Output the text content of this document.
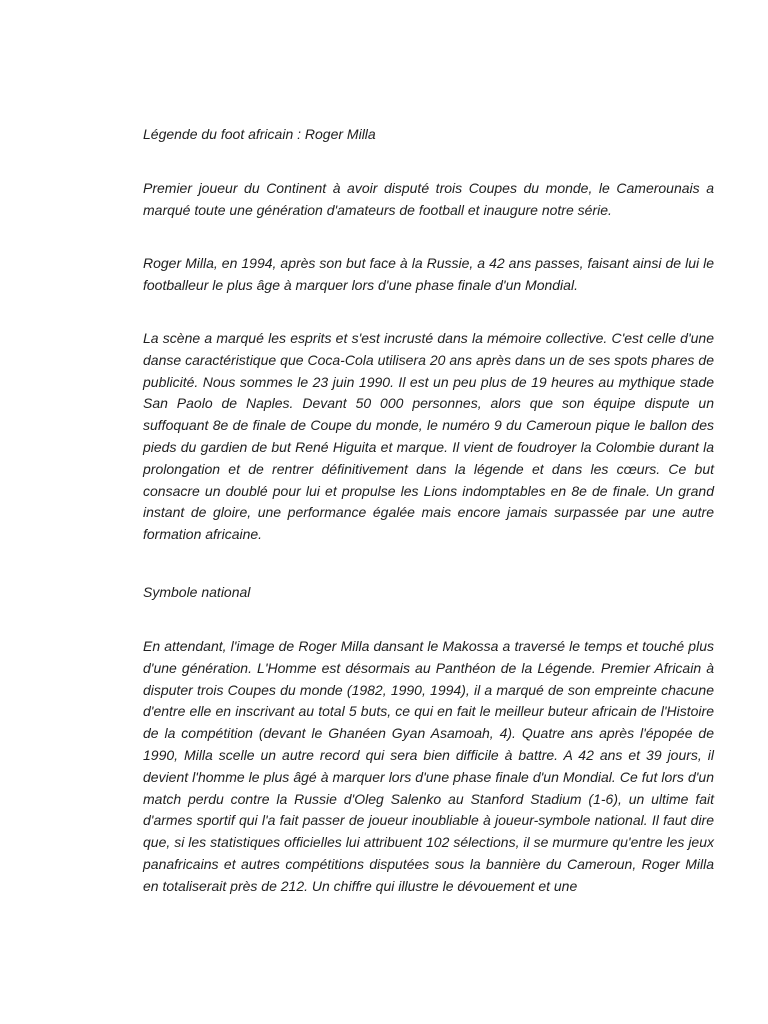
Légende du foot africain : Roger Milla

Premier joueur du Continent à avoir disputé trois Coupes du monde, le Camerounais a marqué toute une génération d'amateurs de football et inaugure notre série.

Roger Milla, en 1994, après son but face à la Russie, a 42 ans passes, faisant ainsi de lui le footballeur le plus âge à marquer lors d'une phase finale d'un Mondial.

La scène a marqué les esprits et s'est incrusté dans la mémoire collective. C'est celle d'une danse caractéristique que Coca-Cola utilisera 20 ans après dans un de ses spots phares de publicité. Nous sommes le 23 juin 1990. Il est un peu plus de 19 heures au mythique stade San Paolo de Naples. Devant 50 000 personnes, alors que son équipe dispute un suffoquant 8e de finale de Coupe du monde, le numéro 9 du Cameroun pique le ballon des pieds du gardien de but René Higuita et marque. Il vient de foudroyer la Colombie durant la prolongation et de rentrer définitivement dans la légende et dans les cœurs. Ce but consacre un doublé pour lui et propulse les Lions indomptables en 8e de finale. Un grand instant de gloire, une performance égalée mais encore jamais surpassée par une autre formation africaine.

Symbole national

En attendant, l'image de Roger Milla dansant le Makossa a traversé le temps et touché plus d'une génération. L'Homme est désormais au Panthéon de la Légende. Premier Africain à disputer trois Coupes du monde (1982, 1990, 1994), il a marqué de son empreinte chacune d'entre elle en inscrivant au total 5 buts, ce qui en fait le meilleur buteur africain de l'Histoire de la compétition (devant le Ghanéen Gyan Asamoah, 4). Quatre ans après l'épopée de 1990, Milla scelle un autre record qui sera bien difficile à battre. A 42 ans et 39 jours, il devient l'homme le plus âgé à marquer lors d'une phase finale d'un Mondial. Ce fut lors d'un match perdu contre la Russie d'Oleg Salenko au Stanford Stadium (1-6), un ultime fait d'armes sportif qui l'a fait passer de joueur inoubliable à joueur-symbole national. Il faut dire que, si les statistiques officielles lui attribuent 102 sélections, il se murmure qu'entre les jeux panafricains et autres compétitions disputées sous la bannière du Cameroun, Roger Milla en totaliserait près de 212. Un chiffre qui illustre le dévouement et une
